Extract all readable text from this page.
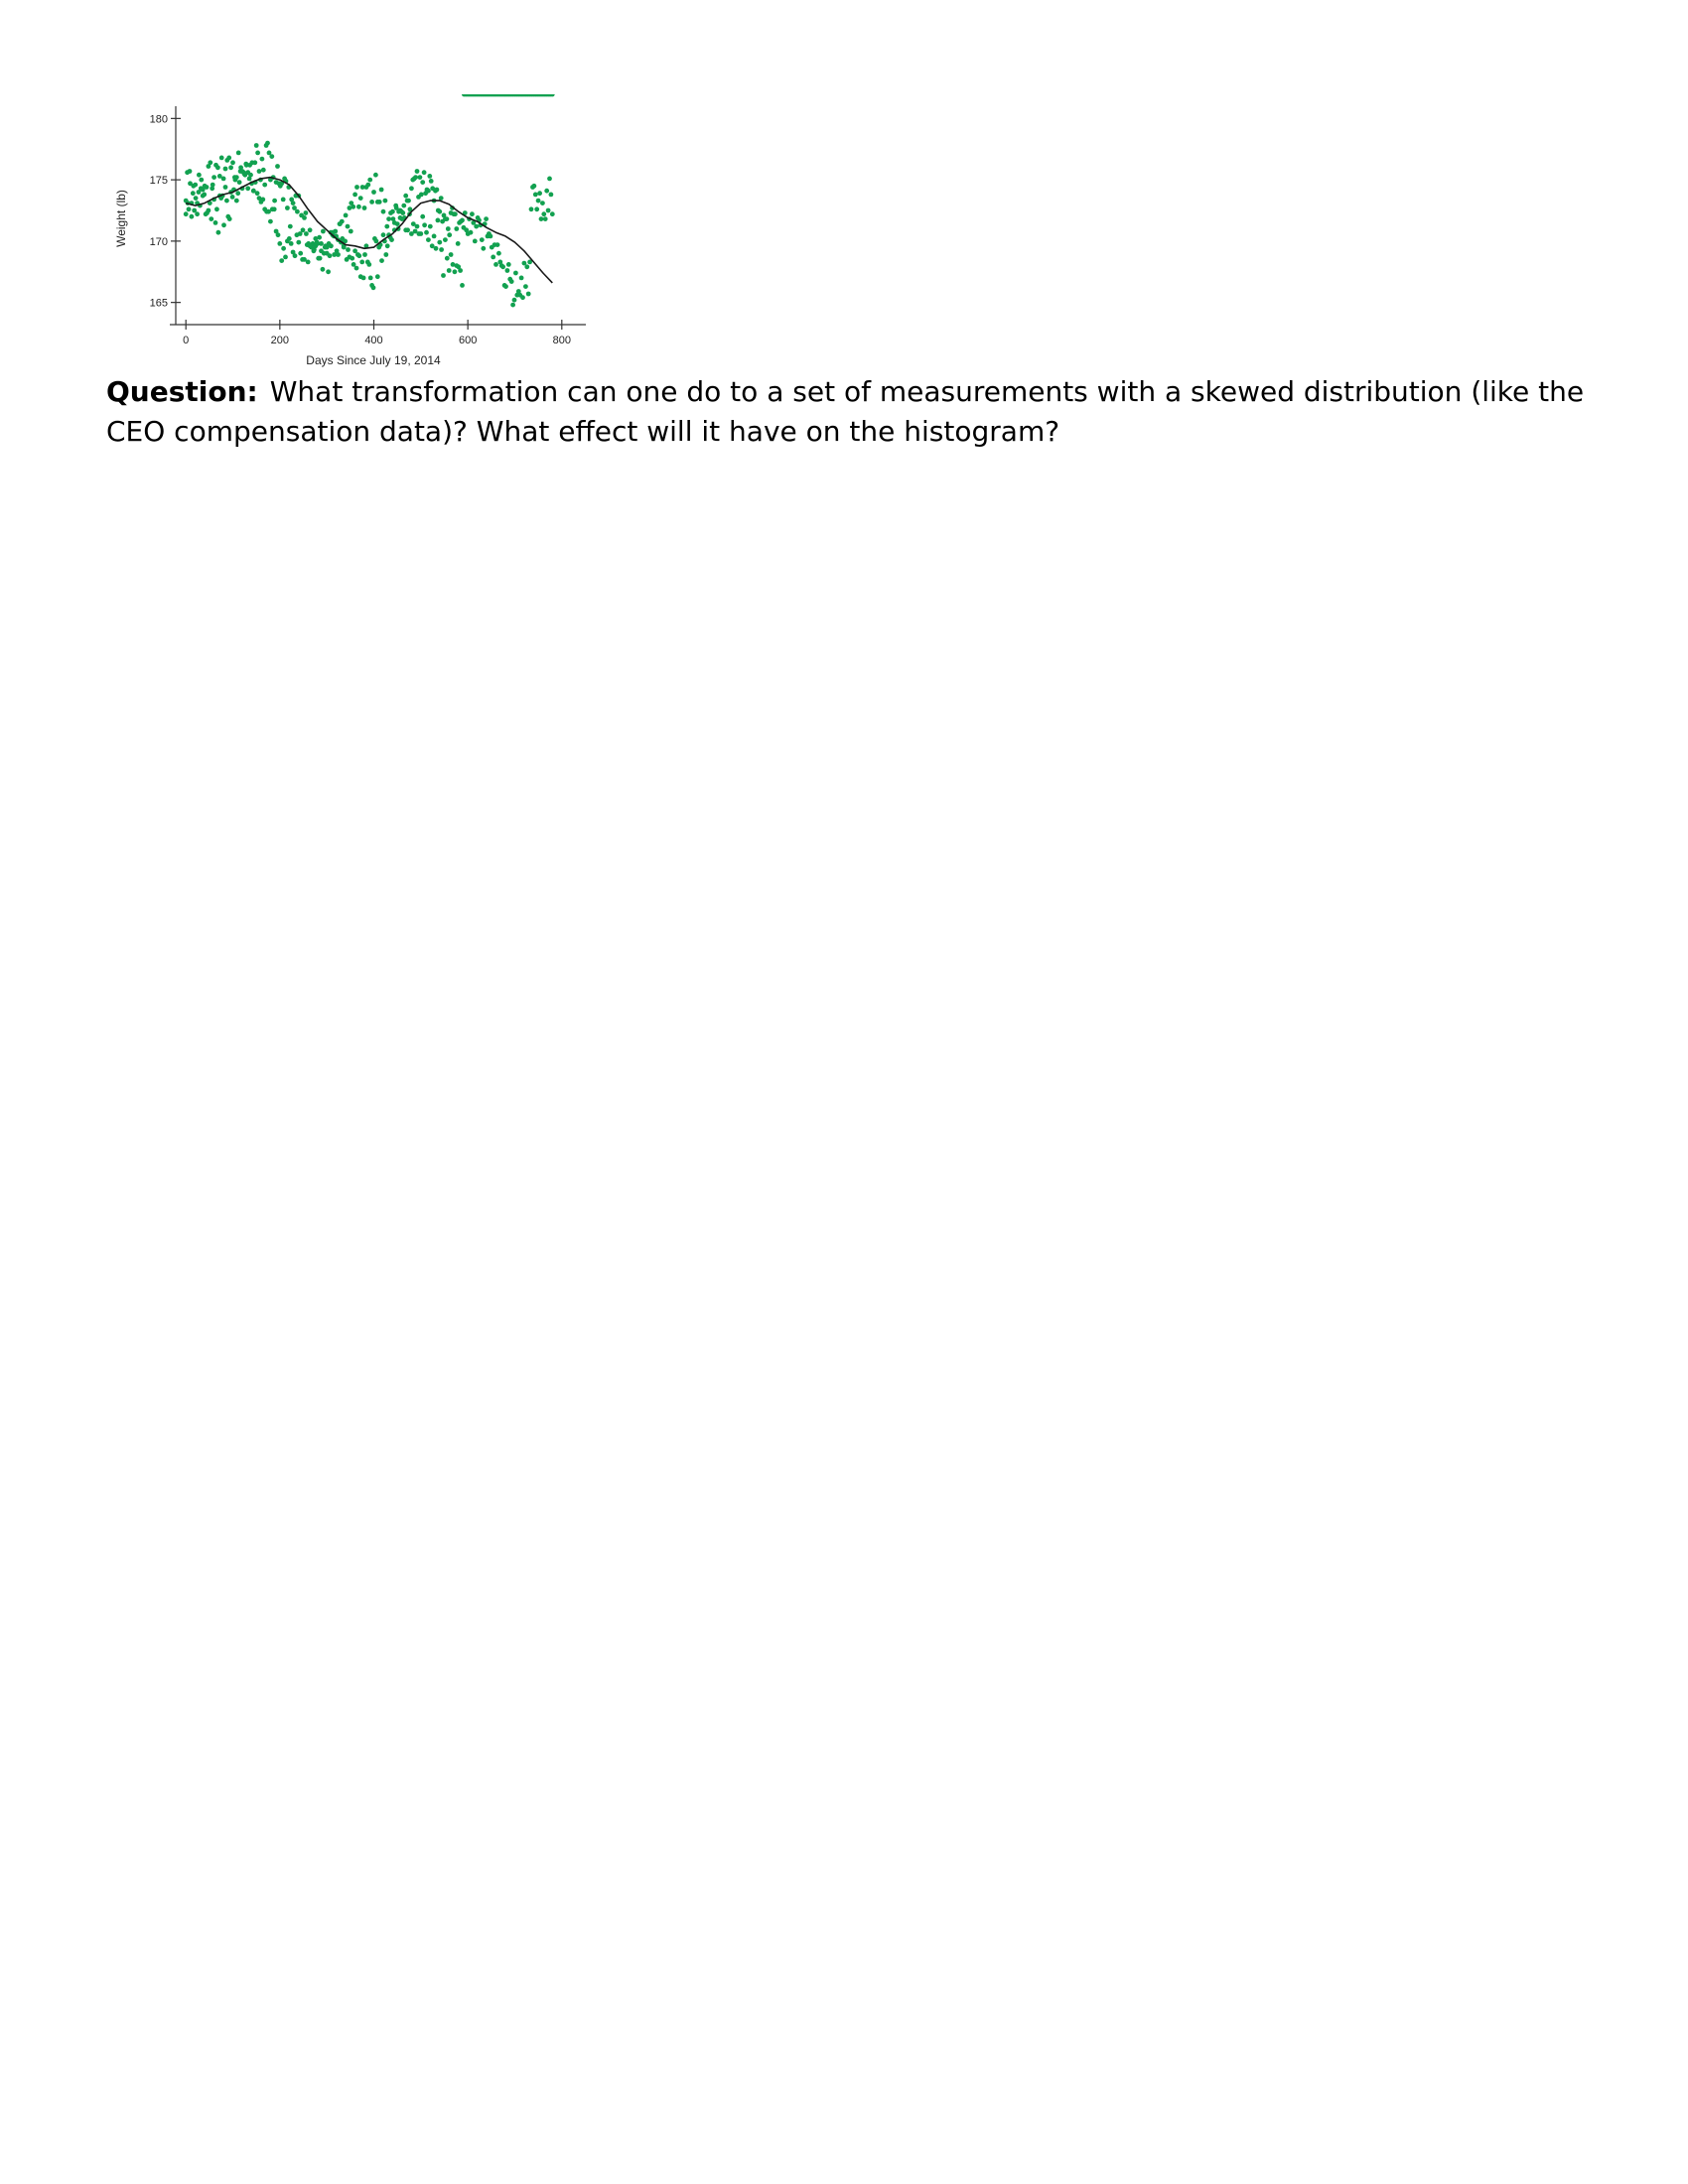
165
170
175
180
0	200	400	600	800
Days Since July 19, 2014
Weight (lb)

Question: What transformation can one do to a set of measurements with a skewed distribution (like the CEO compensation data)? What effect will it have on the histogram?
